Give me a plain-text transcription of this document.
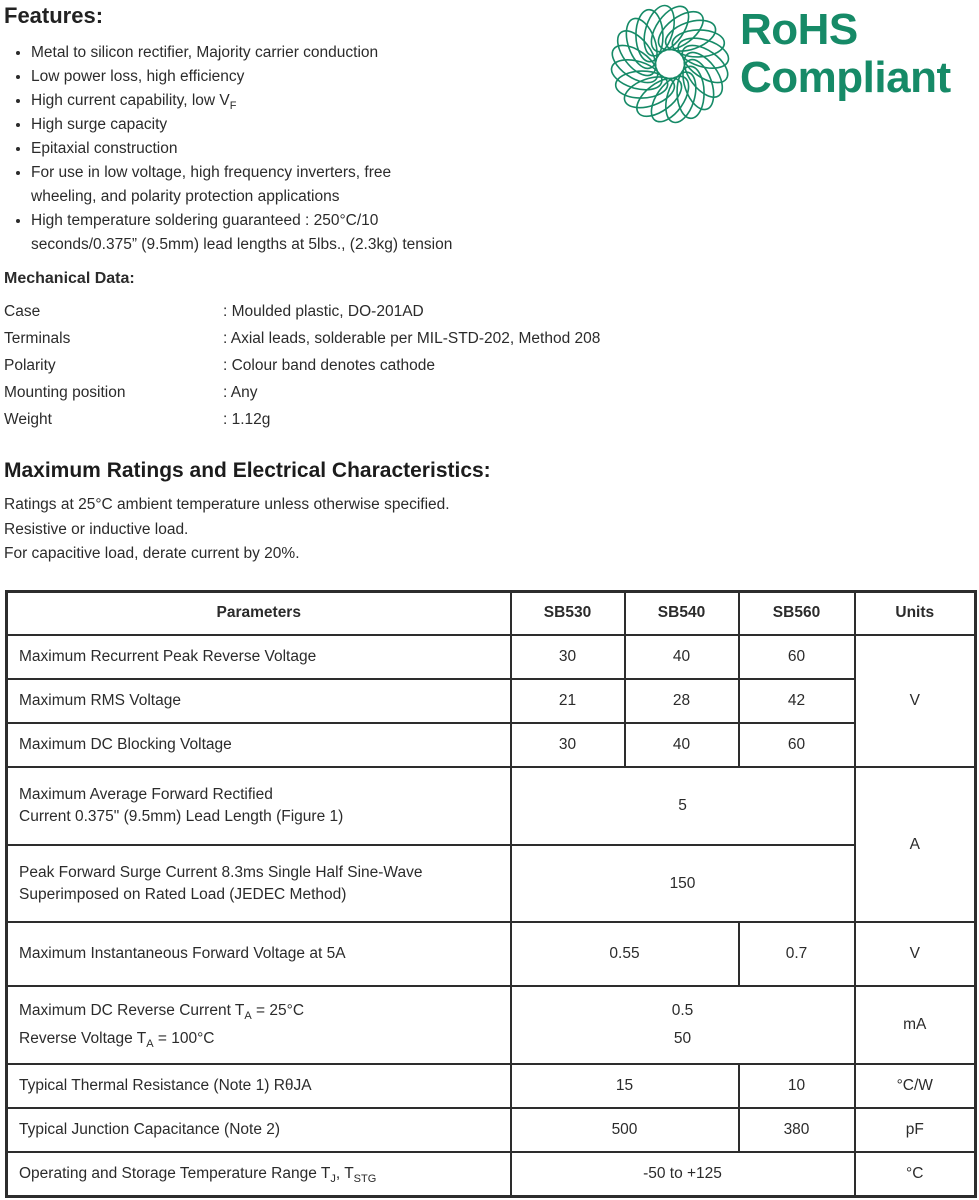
Features:
• Metal to silicon rectifier, Majority carrier conduction
• Low power loss, high efficiency
• High current capability, low $V_F$
• High surge capacity
• Epitaxial construction
• For use in low voltage, high frequency inverters, free
wheeling, and polarity protection applications
• High temperature soldering guaranteed : 250°C/10
seconds/0.375” (9.5mm) lead lengths at 5lbs., (2.3kg) tension
RoHS
Compliant
Mechanical Data:
Case	: Moulded plastic, DO-201AD
Terminals	: Axial leads, solderable per MIL-STD-202, Method 208
Polarity	: Colour band denotes cathode
Mounting position	: Any
Weight	: 1.12g
Maximum Ratings and Electrical Characteristics:
Ratings at 25°C ambient temperature unless otherwise specified.
Resistive or inductive load.
For capacitive load, derate current by 20%.
Parameters	SB530	SB540	SB560	Units
Maximum Recurrent Peak Reverse Voltage	30	40	60	V
Maximum RMS Voltage	21	28	42	
Maximum DC Blocking Voltage	30	40	60	
Maximum Average Forward Rectified
Current 0.375" (9.5mm) Lead Length (Figure 1)	5			A
Peak Forward Surge Current 8.3ms Single Half Sine-Wave
Superimposed on Rated Load (JEDEC Method)	150			
Maximum Instantaneous Forward Voltage at 5A	0.55		0.7	V
Maximum DC Reverse Current $T_A = 25^\circ C$
Reverse Voltage $T_A = 100^\circ C$	0.5
50			mA
Typical Thermal Resistance (Note 1) RθJA	15		10	°C/W
Typical Junction Capacitance (Note 2)	500		380	pF
Operating and Storage Temperature Range $T_J$, $T_{STG}$	-50 to +125			°C
